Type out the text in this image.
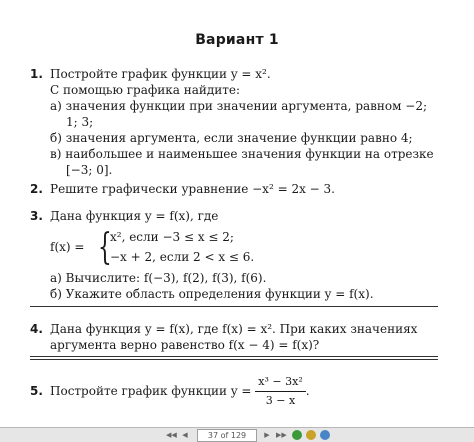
Вариант 1
1. Постройте график функции y = x².
С помощью графика найдите:
а) значения функции при значении аргумента, равном −2;
1; 3;
б) значения аргумента, если значение функции равно 4;
в) наибольшее и наименьшее значения функции на отрезке
[−3; 0].
2. Решите графически уравнение −x² = 2x − 3.
3. Дана функция y = f(x), где
f(x) = {
x², если −3 ≤ x ≤ 2;
−x + 2, если 2 < x ≤ 6.
а) Вычислите: f(−3), f(2), f(3), f(6).
б) Укажите область определения функции y = f(x).
4. Дана функция y = f(x), где f(x) = x². При каких значениях
аргумента верно равенство f(x − 4) = f(x)?
5. Постройте график функции $y = \frac{\text{x³ − 3x²}}{3 - x}$ .
◀◀ ◀	37 of 129	▶ ▶▶
